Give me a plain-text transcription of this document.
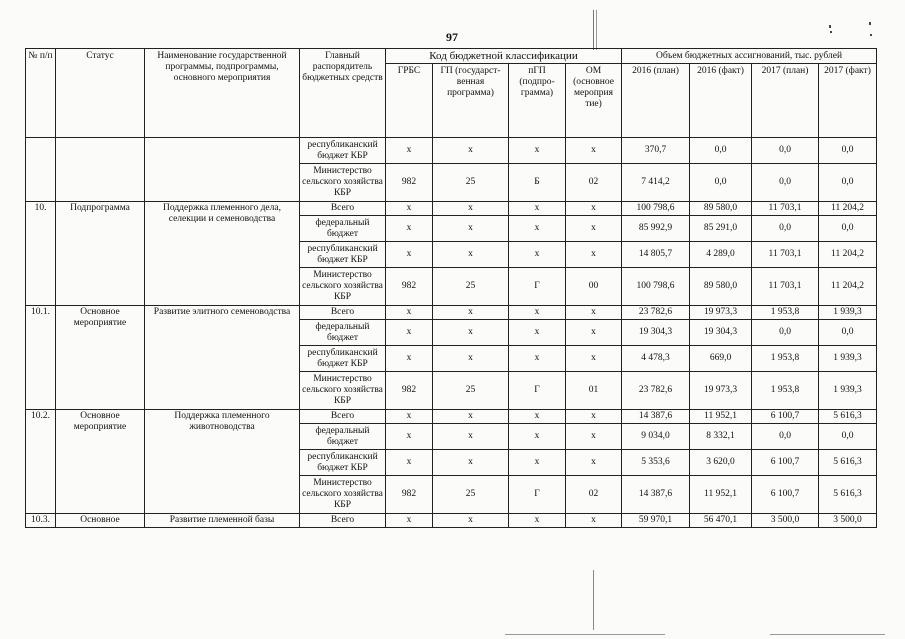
97
№ п/п	Статус	Наименование государственной программы, подпрограммы, основного мероприятия	Главный распорядитель бюджетных средств	Код бюджетной классификации				Объем бюджетных ассигнований, тыс. рублей			
				ГРБС	ГП (государст-венная программа)	пГП (подпро-грамма)	ОМ (основное мероприя тие)	2016 (план)	2016 (факт)	2017 (план)	2017 (факт)
			республиканский бюджет КБР	x	x	x	x	370,7	0,0	0,0	0,0
			Министерство сельского хозяйства КБР	982	25	Б	02	7 414,2	0,0	0,0	0,0
10.	Подпрограмма	Поддержка племенного дела, селекции и семеноводства	Всего	x	x	x	x	100 798,6	89 580,0	11 703,1	11 204,2
			федеральный бюджет	x	x	x	x	85 992,9	85 291,0	0,0	0,0
			республиканский бюджет КБР	x	x	x	x	14 805,7	4 289,0	11 703,1	11 204,2
			Министерство сельского хозяйства КБР	982	25	Г	00	100 798,6	89 580,0	11 703,1	11 204,2
10.1.	Основное мероприятие	Развитие элитного семеноводства	Всего	x	x	x	x	23 782,6	19 973,3	1 953,8	1 939,3
			федеральный бюджет	x	x	x	x	19 304,3	19 304,3	0,0	0,0
			республиканский бюджет КБР	x	x	x	x	4 478,3	669,0	1 953,8	1 939,3
			Министерство сельского хозяйства КБР	982	25	Г	01	23 782,6	19 973,3	1 953,8	1 939,3
10.2.	Основное мероприятие	Поддержка племенного животноводства	Всего	x	x	x	x	14 387,6	11 952,1	6 100,7	5 616,3
			федеральный бюджет	x	x	x	x	9 034,0	8 332,1	0,0	0,0
			республиканский бюджет КБР	x	x	x	x	5 353,6	3 620,0	6 100,7	5 616,3
			Министерство сельского хозяйства КБР	982	25	Г	02	14 387,6	11 952,1	6 100,7	5 616,3
10.3.	Основное	Развитие племенной базы	Всего	x	x	x	x	59 970,1	56 470,1	3 500,0	3 500,0
